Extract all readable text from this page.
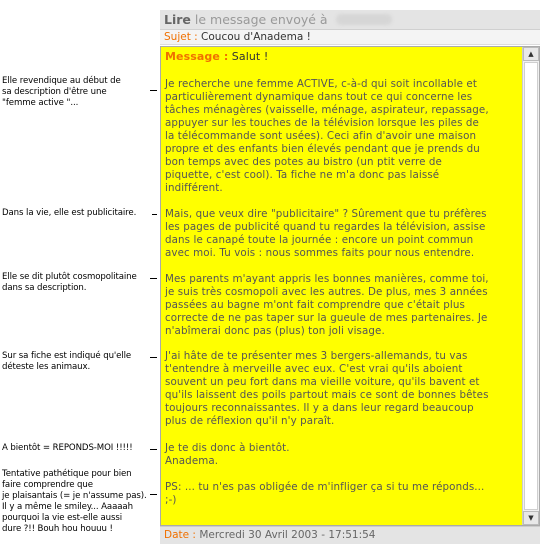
Elle revendique au début de
sa description d'être une
"femme active "...
Dans la vie, elle est publicitaire.
Elle se dit plutôt cosmopolitaine
dans sa description.
Sur sa fiche est indiqué qu'elle
déteste les animaux.
A bientôt = REPONDS-MOI !!!!!
Tentative pathétique pour bien
faire comprendre que
je plaisantais (= je n'assume pas).
Il y a même le smiley... Aaaaah
pourquoi la vie est-elle aussi
dure ?!! Bouh hou houuu !
Lire le message envoyé à
Sujet : Coucou d'Anadema !
Message : Salut !
Je recherche une femme ACTIVE, c-à-d qui soit incollable et
particulièrement dynamique dans tout ce qui concerne les
tâches ménagères (vaisselle, ménage, aspirateur, repassage,
appuyer sur les touches de la télévision lorsque les piles de
la télécommande sont usées). Ceci afin d'avoir une maison
propre et des enfants bien élevés pendant que je prends du
bon temps avec des potes au bistro (un ptit verre de
piquette, c'est cool). Ta fiche ne m'a donc pas laissé
indifférent.
Mais, que veux dire "publicitaire" ? Sûrement que tu préfères
les pages de publicité quand tu regardes la télévision, assise
dans le canapé toute la journée : encore un point commun
avec moi. Tu vois : nous sommes faits pour nous entendre.
Mes parents m'ayant appris les bonnes manières, comme toi,
je suis très cosmopoli avec les autres. De plus, mes 3 années
passées au bagne m'ont fait comprendre que c'était plus
correcte de ne pas taper sur la gueule de mes partenaires. Je
n'abîmerai donc pas (plus) ton joli visage.
J'ai hâte de te présenter mes 3 bergers-allemands, tu vas
t'entendre à merveille avec eux. C'est vrai qu'ils aboient
souvent un peu fort dans ma vieille voiture, qu'ils bavent et
qu'ils laissent des poils partout mais ce sont de bonnes bêtes
toujours reconnaissantes. Il y a dans leur regard beaucoup
plus de réflexion qu'il n'y paraît.
Je te dis donc à bientôt.
Anadema.
PS: ... tu n'es pas obligée de m'infliger ça si tu me réponds...
;-)
▲
▼
Date : Mercredi 30 Avril 2003 - 17:51:54
